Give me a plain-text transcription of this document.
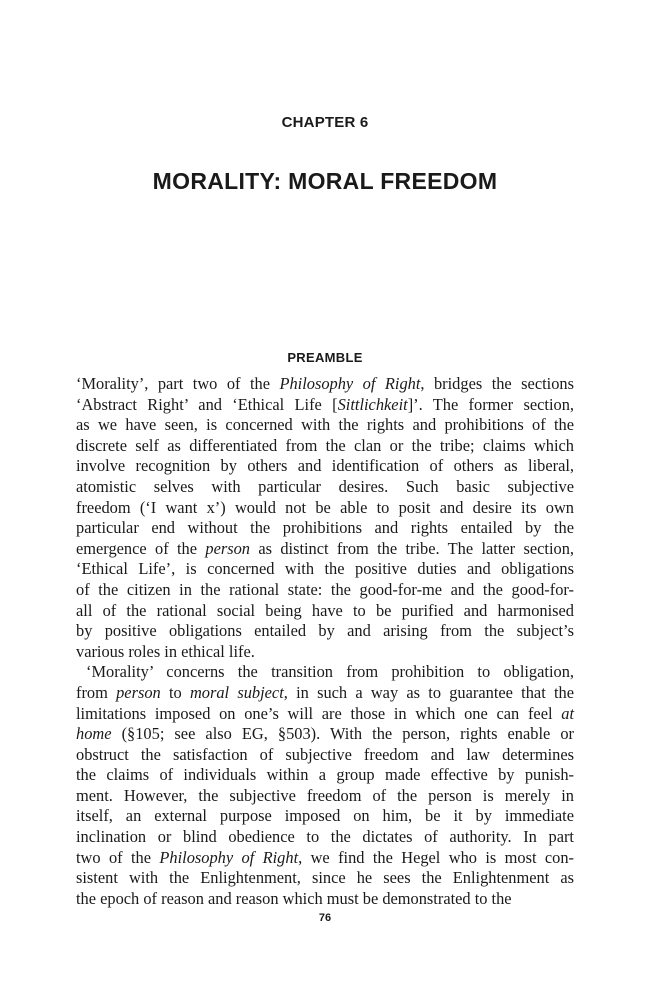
CHAPTER 6
MORALITY: MORAL FREEDOM
PREAMBLE
‘Morality’, part two of the Philosophy of Right, bridges the sections
‘Abstract Right’ and ‘Ethical Life [Sittlichkeit]’. The former section,
as we have seen, is concerned with the rights and prohibitions of the
discrete self as differentiated from the clan or the tribe; claims which
involve recognition by others and identification of others as liberal,
atomistic selves with particular desires. Such basic subjective
freedom (‘I want x’) would not be able to posit and desire its own
particular end without the prohibitions and rights entailed by the
emergence of the person as distinct from the tribe. The latter section,
‘Ethical Life’, is concerned with the positive duties and obligations
of the citizen in the rational state: the good-for-me and the good-for-
all of the rational social being have to be purified and harmonised
by positive obligations entailed by and arising from the subject’s
various roles in ethical life.
‘Morality’ concerns the transition from prohibition to obligation,
from person to moral subject, in such a way as to guarantee that the
limitations imposed on one’s will are those in which one can feel at
home (§105; see also EG, §503). With the person, rights enable or
obstruct the satisfaction of subjective freedom and law determines
the claims of individuals within a group made effective by punish-
ment. However, the subjective freedom of the person is merely in
itself, an external purpose imposed on him, be it by immediate
inclination or blind obedience to the dictates of authority. In part
two of the Philosophy of Right, we find the Hegel who is most con-
sistent with the Enlightenment, since he sees the Enlightenment as
the epoch of reason and reason which must be demonstrated to the
76
